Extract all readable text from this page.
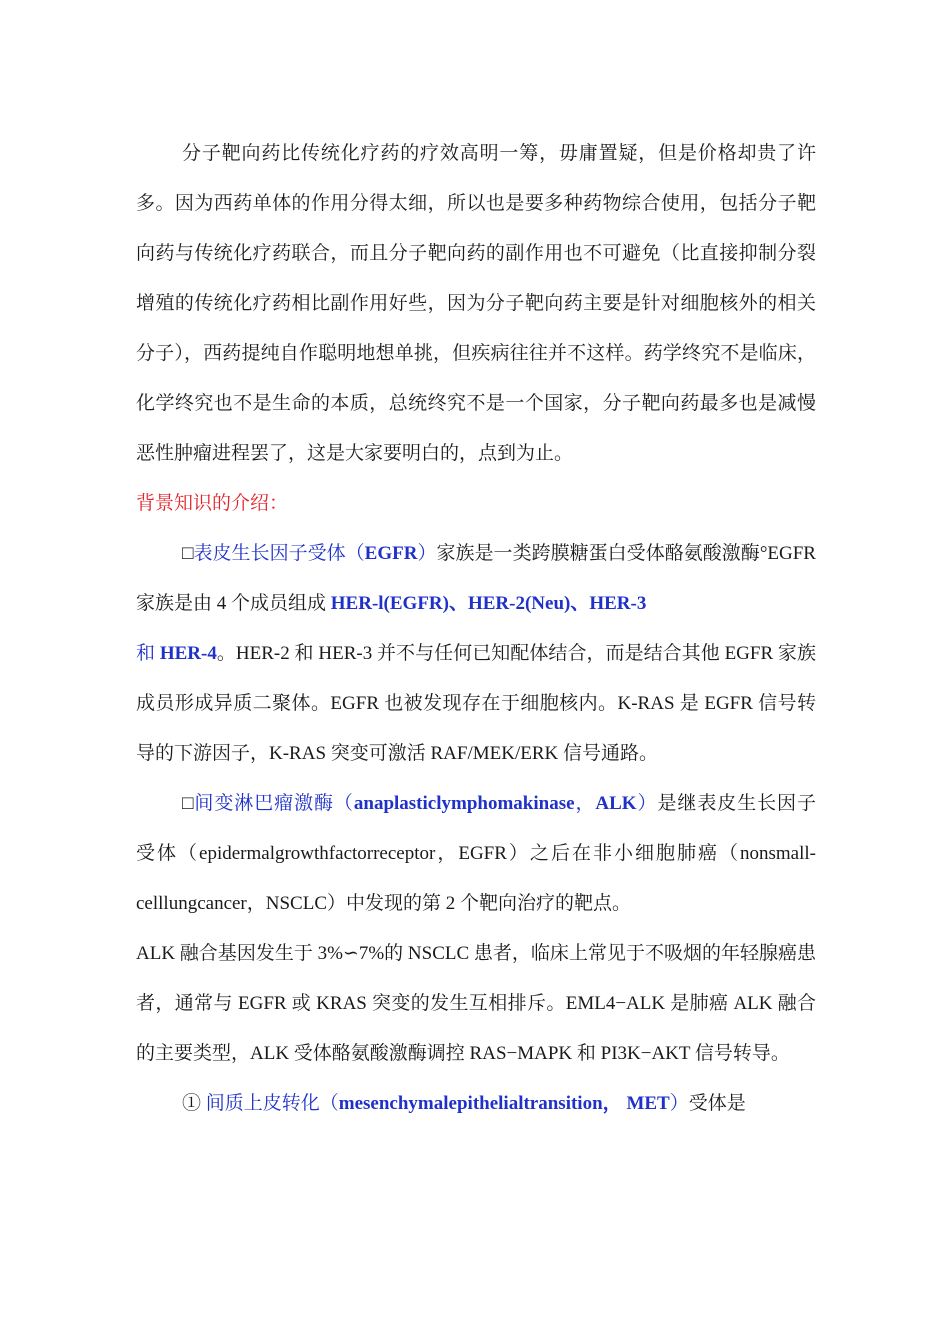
分子靶向药比传统化疗药的疗效高明一筹，毋庸置疑，但是价格却贵了许多。因为西药单体的作用分得太细，所以也是要多种药物综合使用，包括分子靶向药与传统化疗药联合，而且分子靶向药的副作用也不可避免（比直接抑制分裂增殖的传统化疗药相比副作用好些，因为分子靶向药主要是针对细胞核外的相关分子），西药提纯自作聪明地想单挑，但疾病往往并不这样。药学终究不是临床，化学终究也不是生命的本质，总统终究不是一个国家，分子靶向药最多也是减慢恶性肿瘤进程罢了，这是大家要明白的，点到为止。

背景知识的介绍：

□表皮生长因子受体（EGFR）家族是一类跨膜糖蛋白受体酪氨酸激酶°EGFR 家族是由 4 个成员组成 HER-l(EGFR)、HER-2(Neu)、HER-3
和 HER-4。HER-2 和 HER-3 并不与任何已知配体结合，而是结合其他 EGFR 家族成员形成异质二聚体。EGFR 也被发现存在于细胞核内。K-RAS 是 EGFR 信号转导的下游因子，K-RAS 突变可激活 RAF/MEK/ERK 信号通路。

□间变淋巴瘤激酶（anaplasticlymphomakinase，ALK）是继表皮生长因子受体（epidermalgrowthfactorreceptor，EGFR）之后在非小细胞肺癌（nonsmall-celllungcancer，NSCLC）中发现的第 2 个靶向治疗的靶点。

ALK 融合基因发生于 3%∽7%的 NSCLC 患者，临床上常见于不吸烟的年轻腺癌患者，通常与 EGFR 或 KRAS 突变的发生互相排斥。EML4−ALK 是肺癌 ALK 融合的主要类型，ALK 受体酪氨酸激酶调控 RAS−MAPK 和 PI3K−AKT 信号转导。

① 间质上皮转化（mesenchymalepithelialtransition， MET）受体是
